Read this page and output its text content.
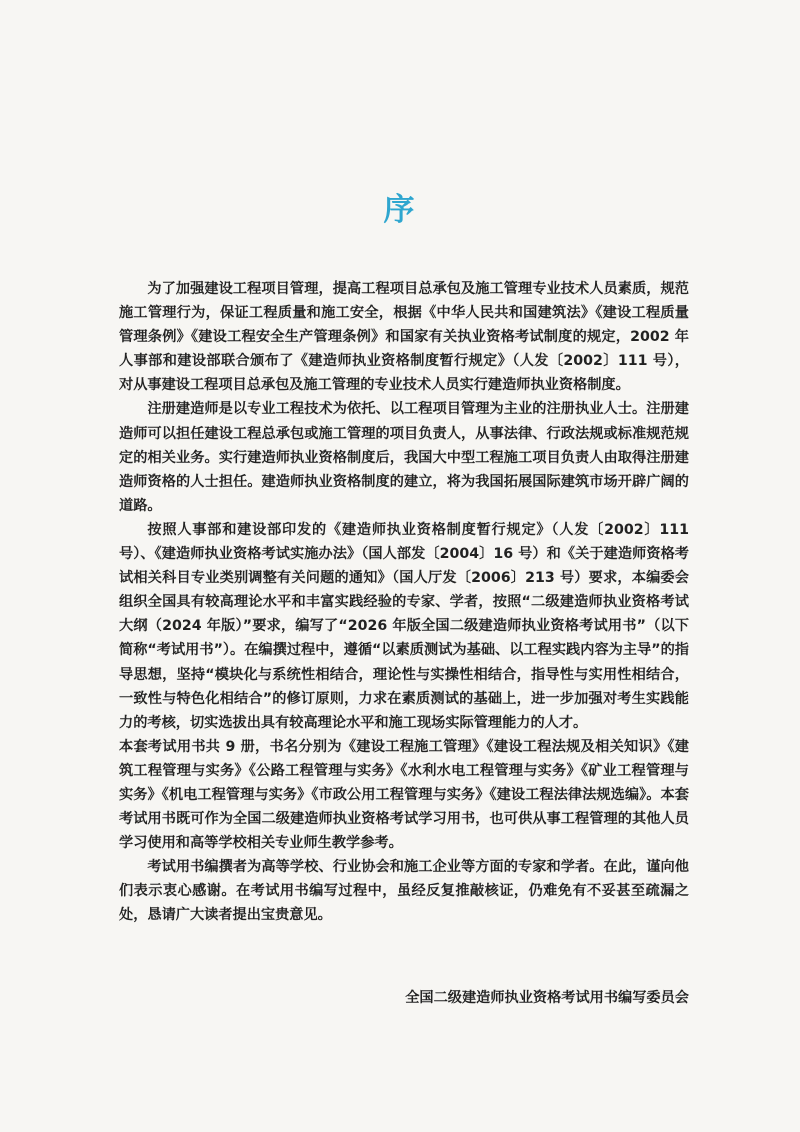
序

为了加强建设工程项目管理，提高工程项目总承包及施工管理专业技术人员素质，规范施工管理行为，保证工程质量和施工安全，根据《中华人民共和国建筑法》《建设工程质量管理条例》《建设工程安全生产管理条例》和国家有关执业资格考试制度的规定，2002 年人事部和建设部联合颁布了《建造师执业资格制度暂行规定》（人发〔2002〕111 号），对从事建设工程项目总承包及施工管理的专业技术人员实行建造师执业资格制度。

注册建造师是以专业工程技术为依托、以工程项目管理为主业的注册执业人士。注册建造师可以担任建设工程总承包或施工管理的项目负责人，从事法律、行政法规或标准规范规定的相关业务。实行建造师执业资格制度后，我国大中型工程施工项目负责人由取得注册建造师资格的人士担任。建造师执业资格制度的建立，将为我国拓展国际建筑市场开辟广阔的道路。

按照人事部和建设部印发的《建造师执业资格制度暂行规定》（人发〔2002〕111 号）、《建造师执业资格考试实施办法》（国人部发〔2004〕16 号）和《关于建造师资格考试相关科目专业类别调整有关问题的通知》（国人厅发〔2006〕213 号）要求，本编委会组织全国具有较高理论水平和丰富实践经验的专家、学者，按照“二级建造师执业资格考试大纲（2024 年版）”要求，编写了“2026 年版全国二级建造师执业资格考试用书”（以下简称“考试用书”）。在编撰过程中，遵循“以素质测试为基础、以工程实践内容为主导”的指导思想，坚持“模块化与系统性相结合，理论性与实操性相结合，指导性与实用性相结合，一致性与特色化相结合”的修订原则，力求在素质测试的基础上，进一步加强对考生实践能力的考核，切实选拔出具有较高理论水平和施工现场实际管理能力的人才。

本套考试用书共 9 册，书名分别为《建设工程施工管理》《建设工程法规及相关知识》《建筑工程管理与实务》《公路工程管理与实务》《水利水电工程管理与实务》《矿业工程管理与实务》《机电工程管理与实务》《市政公用工程管理与实务》《建设工程法律法规选编》。本套考试用书既可作为全国二级建造师执业资格考试学习用书，也可供从事工程管理的其他人员学习使用和高等学校相关专业师生教学参考。

考试用书编撰者为高等学校、行业协会和施工企业等方面的专家和学者。在此，谨向他们表示衷心感谢。在考试用书编写过程中，虽经反复推敲核证，仍难免有不妥甚至疏漏之处，恳请广大读者提出宝贵意见。

全国二级建造师执业资格考试用书编写委员会
